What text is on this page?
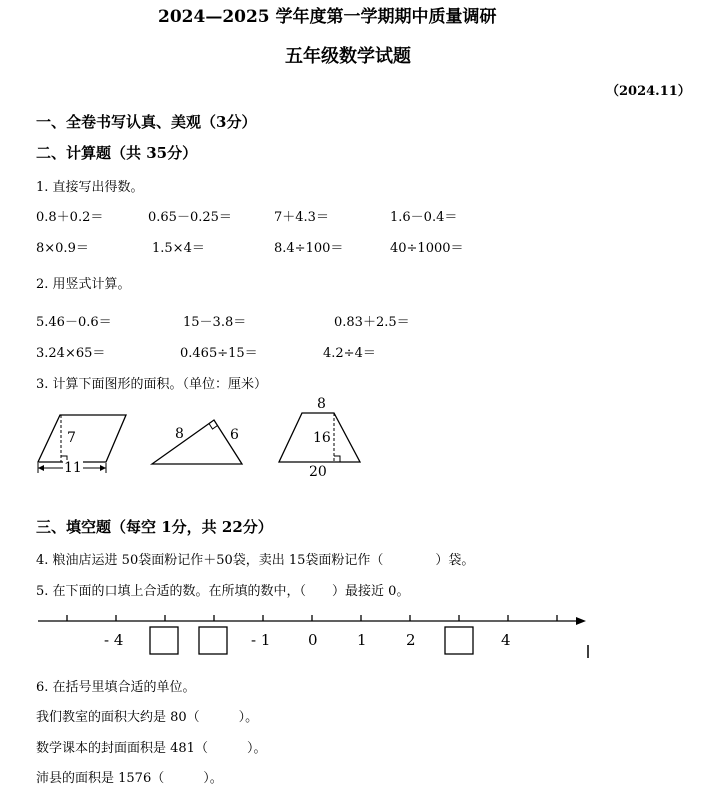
2024—2025 学年度第一学期期中质量调研
五年级数学试题
（2024.11）
一、全卷书写认真、美观（3分）
二、计算题（共 35分）
1. 直接写出得数。
0.8＋0.2＝	0.65－0.25＝	7＋4.3＝	1.6－0.4＝
8×0.9＝	1.5×4＝	8.4÷100＝	40÷1000＝
2. 用竖式计算。
5.46－0.6＝	15－3.8＝	0.83＋2.5＝
3.24×65＝	0.465÷15＝	4.2÷4＝
3. 计算下面图形的面积。（单位：厘米）
7
11
8	6
8
16
20
三、填空题（每空 1分，共 22分）
4. 粮油店运进 50袋面粉记作＋50袋，卖出 15袋面粉记作（　　　　）袋。
5. 在下面的口填上合适的数。在所填的数中，（　　）最接近 0。
- 4	- 1	0	1	2	4
6. 在括号里填合适的单位。
我们教室的面积大约是 80（　　　）。
数学课本的封面面积是 481（　　　）。
沛县的面积是 1576（　　　）。
